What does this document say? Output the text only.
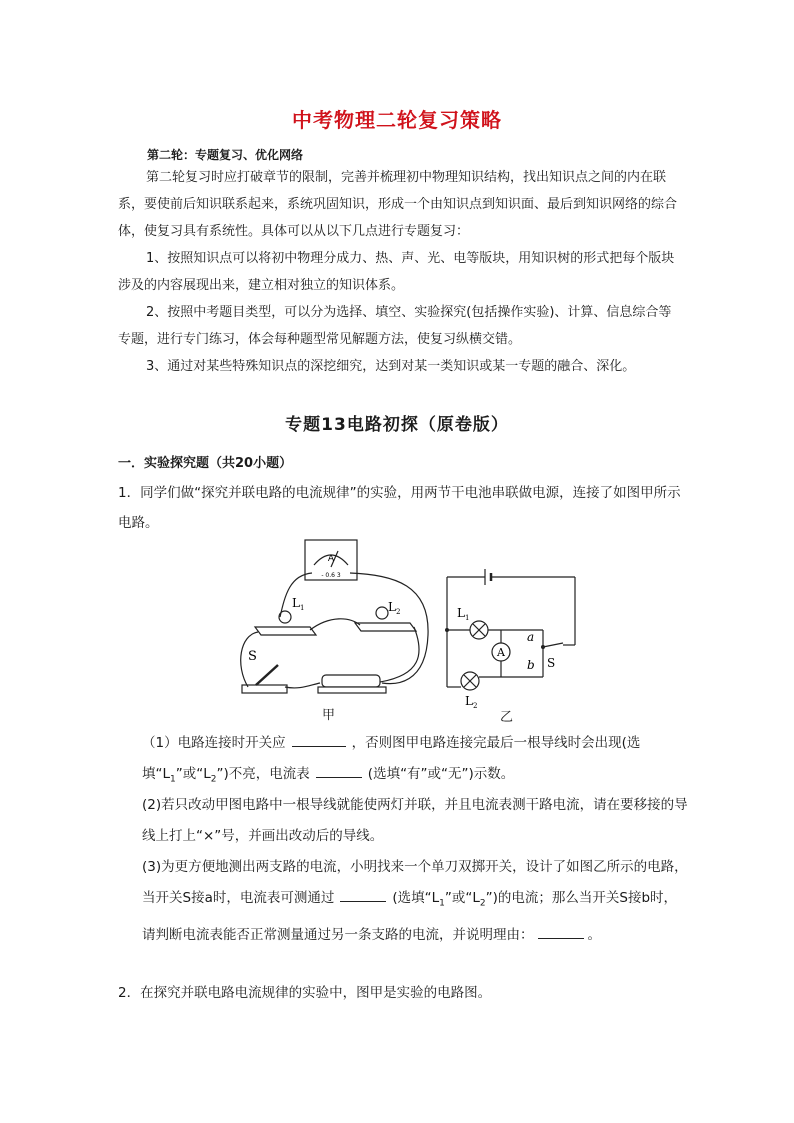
中考物理二轮复习策略
第二轮：专题复习、优化网络
第二轮复习时应打破章节的限制，完善并梳理初中物理知识结构，找出知识点之间的内在联系，要使前后知识联系起来，系统巩固知识，形成一个由知识点到知识面、最后到知识网络的综合体，使复习具有系统性。具体可以从以下几点进行专题复习：
1、按照知识点可以将初中物理分成力、热、声、光、电等版块，用知识树的形式把每个版块涉及的内容展现出来，建立相对独立的知识体系。
2、按照中考题目类型，可以分为选择、填空、实验探究(包括操作实验)、计算、信息综合等专题，进行专门练习，体会每种题型常见解题方法，使复习纵横交错。
3、通过对某些特殊知识点的深挖细究，达到对某一类知识或某一专题的融合、深化。
专题13电路初探（原卷版）
一．实验探究题（共20小题）
1．同学们做“探究并联电路的电流规律”的实验，用两节干电池串联做电源，连接了如图甲所示电路。
A
- 0.6 3
$L_1$	$L_2$
S
甲
A
$L_1$
$L_2$
a
b S
乙
（1）电路连接时开关应	，否则图甲电路连接完最后一根导线时会出现(选填“$L_1$”或“$L_2$”)不亮，电流表	(选填“有”或“无”)示数。
(2)若只改动甲图电路中一根导线就能使两灯并联，并且电流表测干路电流，请在要移接的导线上打上“×”号，并画出改动后的导线。
(3)为更方便地测出两支路的电流，小明找来一个单刀双掷开关，设计了如图乙所示的电路，当开关S接a时，电流表可测通过	(选填“$L_1$”或“$L_2$”)的电流；那么当开关S接b时，请判断电流表能否正常测量通过另一条支路的电流，并说明理由：	。
2．在探究并联电路电流规律的实验中，图甲是实验的电路图。
